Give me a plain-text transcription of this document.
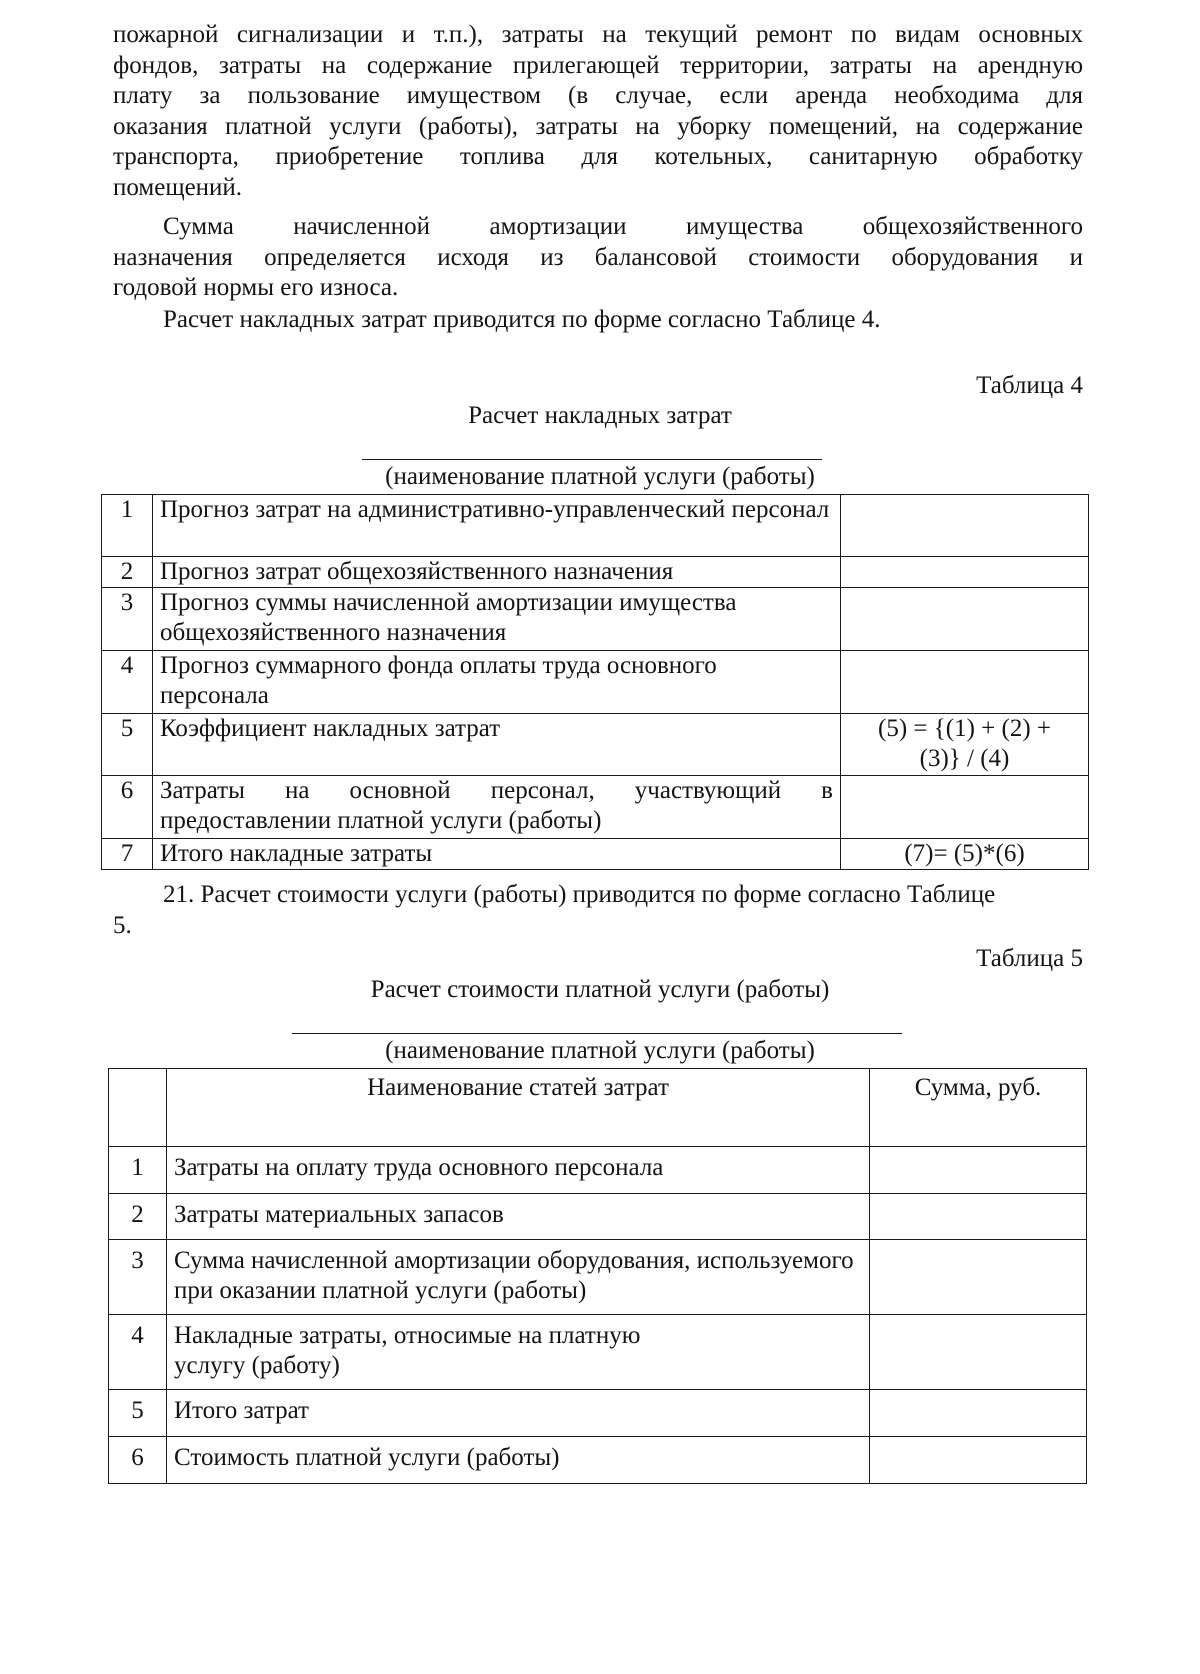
пожарной сигнализации и т.п.), затраты на текущий ремонт по видам основных
фондов, затраты на содержание прилегающей территории, затраты на арендную
плату за пользование имуществом (в случае, если аренда необходима для
оказания платной услуги (работы), затраты на уборку помещений, на содержание
транспорта, приобретение топлива для котельных, санитарную обработку
помещений.
Сумма начисленной амортизации имущества общехозяйственного
назначения определяется исходя из балансовой стоимости оборудования и
годовой нормы его износа.
Расчет накладных затрат приводится по форме согласно Таблице 4.
Таблица 4
Расчет накладных затрат
(наименование платной услуги (работы)
1	Прогноз затрат на административно-управленческий персонал	
2	Прогноз затрат общехозяйственного назначения	
3	Прогноз суммы начисленной амортизации имущества общехозяйственного назначения	
4	Прогноз суммарного фонда оплаты труда основного персонала	
5	Коэффициент накладных затрат	(5) = {(1) + (2) + (3)} / (4)
6	Затраты на основной персонал, участвующий в предоставлении платной услуги (работы)	
7	Итого накладные затраты	(7)= (5)*(6)
21. Расчет стоимости услуги (работы) приводится по форме согласно Таблице
5.
Таблица 5
Расчет стоимости платной услуги (работы)
(наименование платной услуги (работы)
	Наименование статей затрат	Сумма, руб.
1	Затраты на оплату труда основного персонала	
2	Затраты материальных запасов	
3	Сумма начисленной амортизации оборудования, используемого при оказании платной услуги (работы)	
4	Накладные затраты, относимые на платную услугу (работу)	
5	Итого затрат	
6	Стоимость платной услуги (работы)	
